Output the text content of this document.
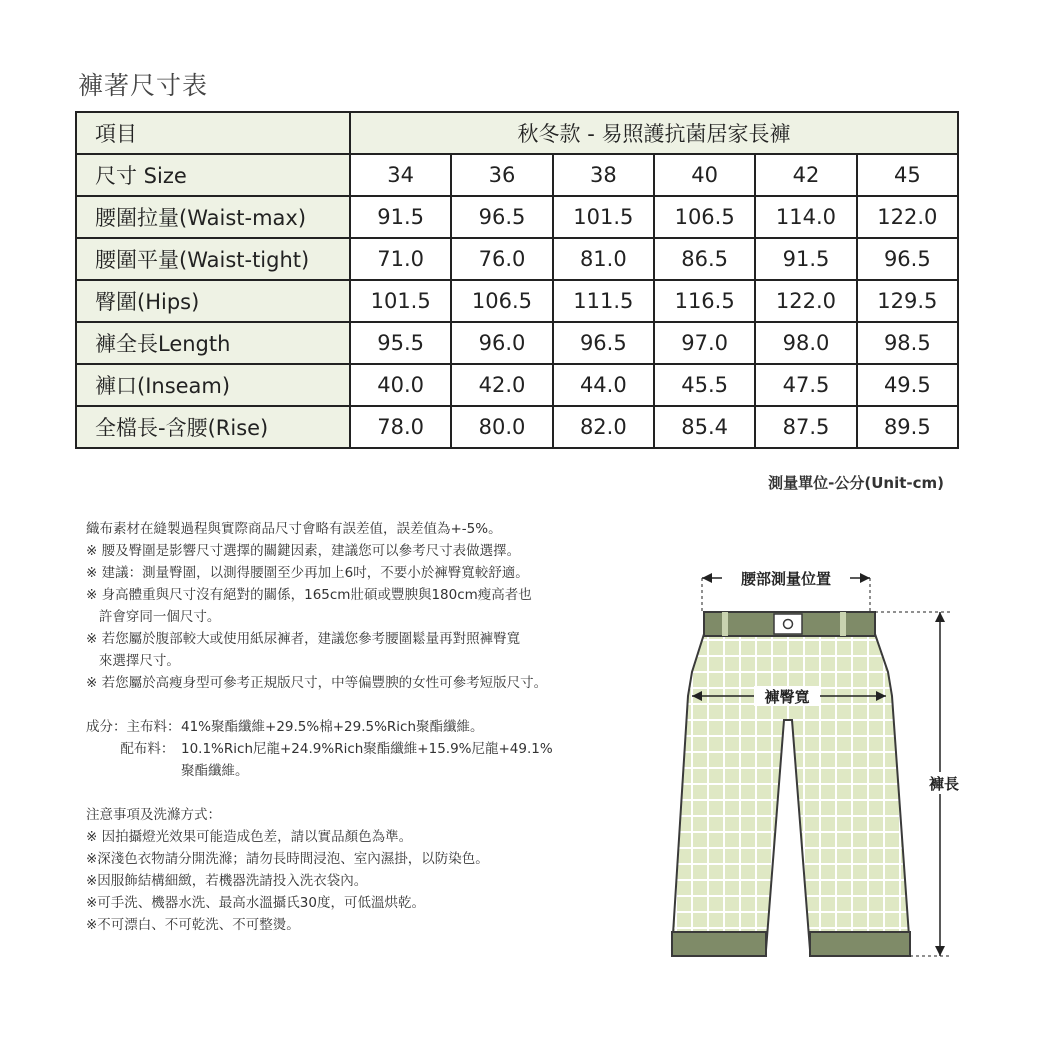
褲著尺寸表
項目	秋冬款 - 易照護抗菌居家長褲					
尺寸 Size	34	36	38	40	42	45
腰圍拉量(Waist-max)	91.5	96.5	101.5	106.5	114.0	122.0
腰圍平量(Waist-tight)	71.0	76.0	81.0	86.5	91.5	96.5
臀圍(Hips)	101.5	106.5	111.5	116.5	122.0	129.5
褲全長Length	95.5	96.0	96.5	97.0	98.0	98.5
褲口(Inseam)	40.0	42.0	44.0	45.5	47.5	49.5
全檔長-含腰(Rise)	78.0	80.0	82.0	85.4	87.5	89.5
測量單位-公分(Unit-cm)
織布素材在縫製過程與實際商品尺寸會略有誤差值，誤差值為+-5%。
※ 腰及臀圍是影響尺寸選擇的關鍵因素，建議您可以參考尺寸表做選擇。
※ 建議：測量臀圍，以測得腰圍至少再加上6吋，不要小於褲臀寬較舒適。
※ 身高體重與尺寸沒有絕對的關係，165cm壯碩或豐腴與180cm瘦高者也
許會穿同一個尺寸。
※ 若您屬於腹部較大或使用紙尿褲者，建議您參考腰圍鬆量再對照褲臀寬
來選擇尺寸。
※ 若您屬於高瘦身型可參考正規版尺寸，中等偏豐腴的女性可參考短版尺寸。
成分：主布料： 41%聚酯纖維+29.5%棉+29.5%Rich聚酯纖維。
配布料： 10.1%Rich尼龍+24.9%Rich聚酯纖維+15.9%尼龍+49.1%
聚酯纖維。
注意事項及洗滌方式：
※ 因拍攝燈光效果可能造成色差，請以實品顏色為準。
※深淺色衣物請分開洗滌；請勿長時間浸泡、室內濕掛，以防染色。
※因服飾結構細緻，若機器洗請投入洗衣袋內。
※可手洗、機器水洗、最高水溫攝氏30度，可低溫烘乾。
※不可漂白、不可乾洗、不可整燙。
腰部測量位置
褲臀寬
褲長
